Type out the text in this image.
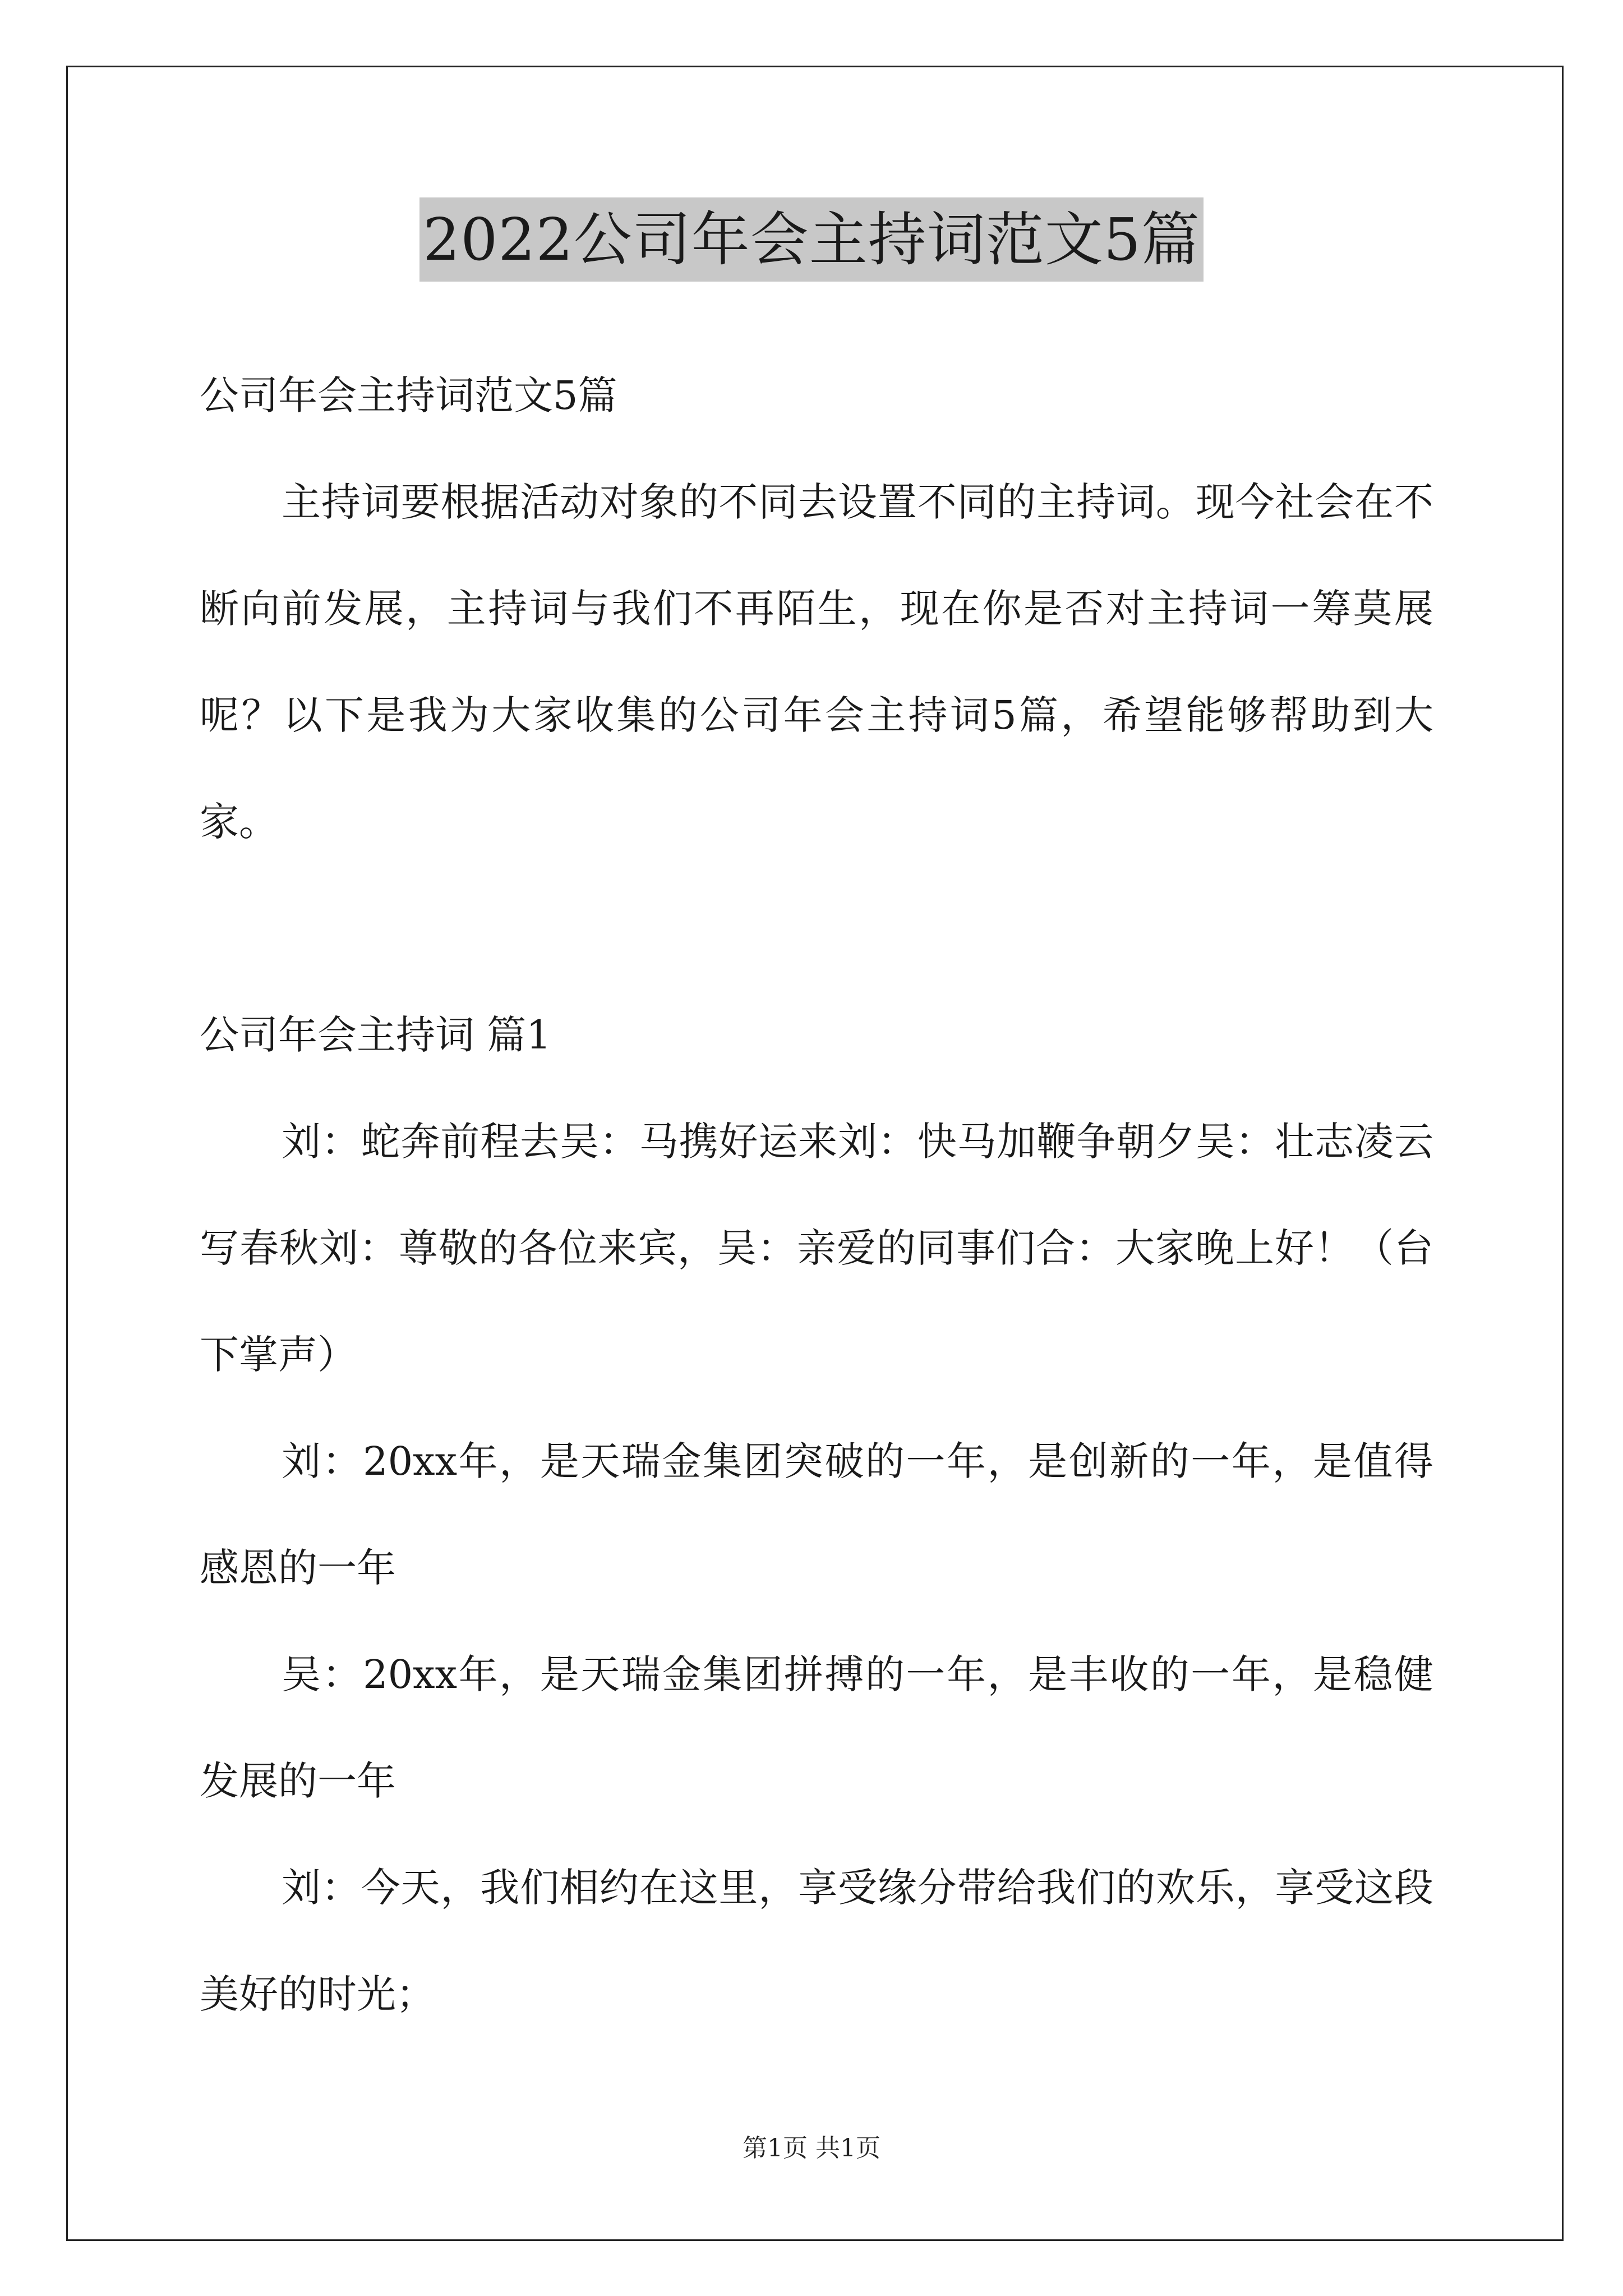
2022公司年会主持词范文5篇

公司年会主持词范文5篇

主持词要根据活动对象的不同去设置不同的主持词。现今社会在不断向前发展，主持词与我们不再陌生，现在你是否对主持词一筹莫展呢？以下是我为大家收集的公司年会主持词5篇，希望能够帮助到大家。

公司年会主持词 篇1

刘：蛇奔前程去吴：马携好运来刘：快马加鞭争朝夕吴：壮志凌云写春秋刘：尊敬的各位来宾，吴：亲爱的同事们合：大家晚上好！（台下掌声）

刘：20xx年，是天瑞金集团突破的一年，是创新的一年，是值得感恩的一年

吴：20xx年，是天瑞金集团拼搏的一年，是丰收的一年，是稳健发展的一年

刘：今天，我们相约在这里，享受缘分带给我们的欢乐，享受这段美好的时光；

第1页 共1页
